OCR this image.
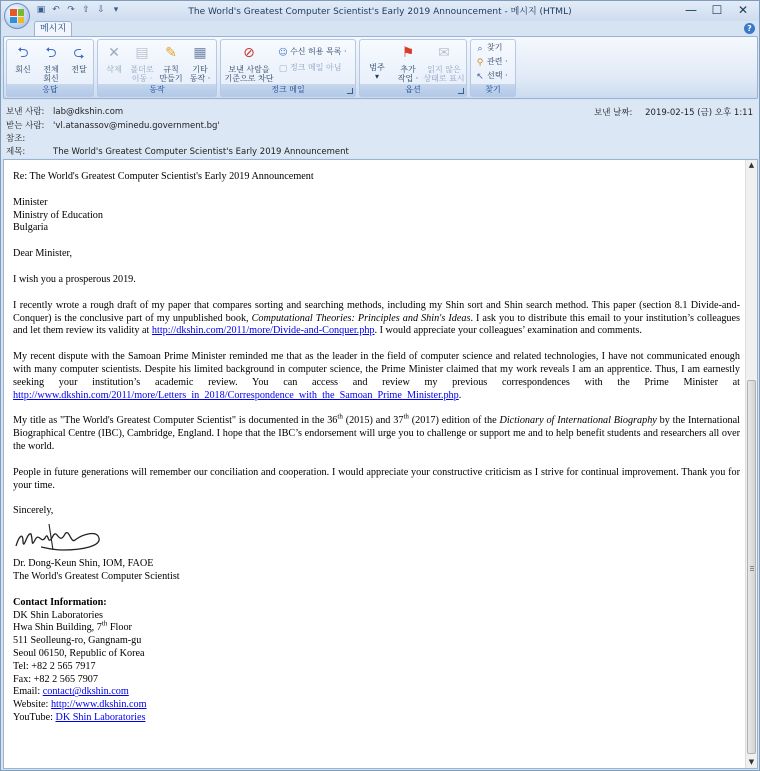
The World's Greatest Computer Scientist's Early 2019 Announcement - 메시지 (HTML)	—	☐	✕
▣ ↶ ↷ ⇧ ⇩ ▾
메시지	?
⮌
회신
⮌
전체
회신
⮎
전달
응답
✕
삭제
▤
폴더로
이동 ·
✎
규칙
만들기
▦
기타
동작 ·
동작
⊘
보낸 사람을
기준으로 차단
☺ 수신 허용 목록 ·
▢ 정크 메일 아님
정크 메일
범주
▾
⚑
추가
작업 ·
✉
읽지 않은
상태로 표시
옵션
⌕ 찾기
⚲ 관련 ·
↖ 선택 ·
찾기
보낸 사람:	lab@dkshin.com
받는 사람:	'vl.atanassov@minedu.government.bg'
참조:
제목:	The World's Greatest Computer Scientist's Early 2019 Announcement
보낸 날짜: 2019-02-15 (금) 오후 1:11

Re: The World's Greatest Computer Scientist's Early 2019 Announcement

Minister
Ministry of Education
Bulgaria

Dear Minister,

I wish you a prosperous 2019.

I recently wrote a rough draft of my paper that compares sorting and searching methods, including my Shin sort and Shin search method. This paper (section 8.1 Divide-and-Conquer) is the conclusive part of my unpublished book, Computational Theories: Principles and Shin's Ideas. I ask you to distribute this email to your institution’s colleagues and let them review its validity at http://dkshin.com/2011/more/Divide-and-Conquer.php. I would appreciate your colleagues’ examination and comments.

My recent dispute with the Samoan Prime Minister reminded me that as the leader in the field of computer science and related technologies, I have not communicated enough with many computer scientists. Despite his limited background in computer science, the Prime Minister claimed that my work reveals I am an apprentice. Thus, I am earnestly seeking your institution’s academic review. You can access and review my previous correspondences with the Prime Minister at http://www.dkshin.com/2011/more/Letters_in_2018/Correspondence_with_the_Samoan_Prime_Minister.php.

My title as "The World's Greatest Computer Scientist" is documented in the 36th (2015) and 37th (2017) edition of the Dictionary of International Biography by the International Biographical Centre (IBC), Cambridge, England. I hope that the IBC’s endorsement will urge you to challenge or support me and to help benefit students and researchers all over the world.

People in future generations will remember our conciliation and cooperation. I would appreciate your constructive criticism as I strive for continual improvement. Thank you for your time.

Sincerely,

Dr. Dong-Keun Shin, IOM, FAOE
The World's Greatest Computer Scientist

Contact Information:
DK Shin Laboratories
Hwa Shin Building, 7th Floor
511 Seolleung-ro, Gangnam-gu
Seoul 06150, Republic of Korea
Tel: +82 2 565 7917
Fax: +82 2 565 7907
Email: contact@dkshin.com
Website: http://www.dkshin.com
YouTube: DK Shin Laboratories

▲
▼
